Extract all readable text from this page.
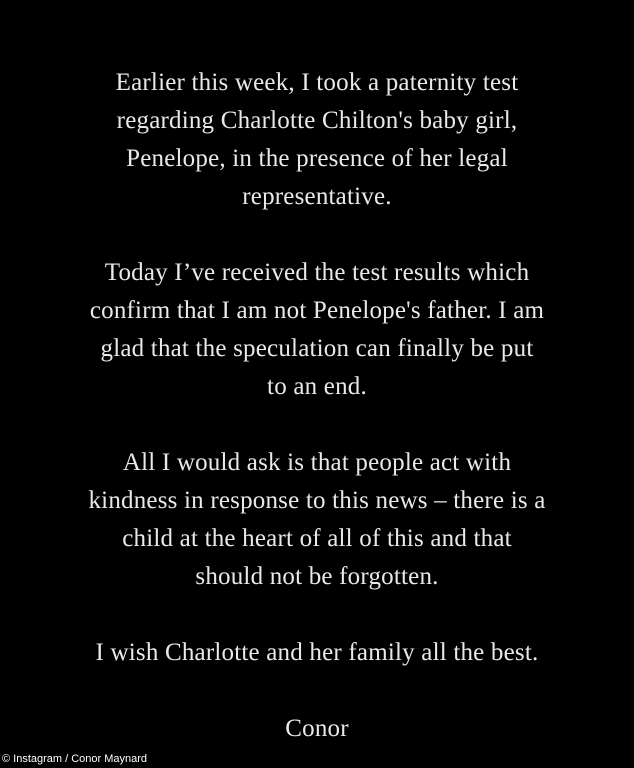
Earlier this week, I took a paternity test
regarding Charlotte Chilton's baby girl,
Penelope, in the presence of her legal
representative.

Today I’ve received the test results which
confirm that I am not Penelope's father. I am
glad that the speculation can finally be put
to an end.

All I would ask is that people act with
kindness in response to this news – there is a
child at the heart of all of this and that
should not be forgotten.

I wish Charlotte and her family all the best.

Conor

© Instagram / Conor Maynard
